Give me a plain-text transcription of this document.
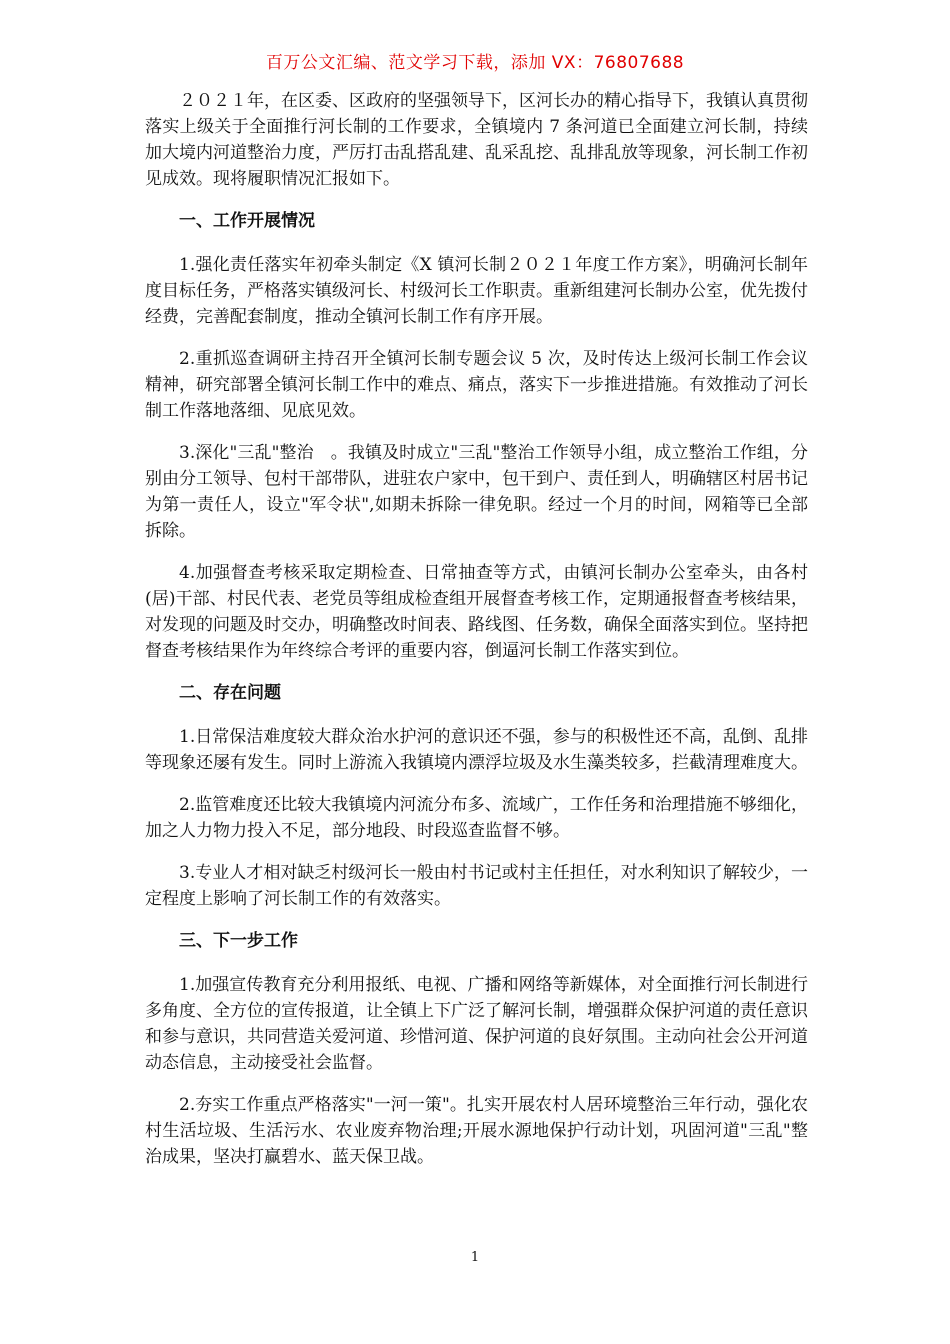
百万公文汇编、范文学习下载，添加 VX：76807688

２０２１年，在区委、区政府的坚强领导下，区河长办的精心指导下，我镇认真贯彻落实上级关于全面推行河长制的工作要求，全镇境内 7 条河道已全面建立河长制，持续加大境内河道整治力度，严厉打击乱搭乱建、乱采乱挖、乱排乱放等现象，河长制工作初见成效。现将履职情况汇报如下。

一、工作开展情况

1.强化责任落实年初牵头制定《X 镇河长制２０２１年度工作方案》，明确河长制年度目标任务，严格落实镇级河长、村级河长工作职责。重新组建河长制办公室，优先拨付经费，完善配套制度，推动全镇河长制工作有序开展。

2.重抓巡查调研主持召开全镇河长制专题会议 5 次，及时传达上级河长制工作会议精神，研究部署全镇河长制工作中的难点、痛点，落实下一步推进措施。有效推动了河长制工作落地落细、见底见效。

3.深化"三乱"整治　。我镇及时成立"三乱"整治工作领导小组，成立整治工作组，分别由分工领导、包村干部带队，进驻农户家中，包干到户、责任到人，明确辖区村居书记为第一责任人，设立"军令状",如期未拆除一律免职。经过一个月的时间，网箱等已全部拆除。

4.加强督查考核采取定期检查、日常抽查等方式，由镇河长制办公室牵头，由各村(居)干部、村民代表、老党员等组成检查组开展督查考核工作，定期通报督查考核结果，对发现的问题及时交办，明确整改时间表、路线图、任务数，确保全面落实到位。坚持把督查考核结果作为年终综合考评的重要内容，倒逼河长制工作落实到位。

二、存在问题

1.日常保洁难度较大群众治水护河的意识还不强，参与的积极性还不高，乱倒、乱排等现象还屡有发生。同时上游流入我镇境内漂浮垃圾及水生藻类较多，拦截清理难度大。

2.监管难度还比较大我镇境内河流分布多、流域广，工作任务和治理措施不够细化，加之人力物力投入不足，部分地段、时段巡查监督不够。

3.专业人才相对缺乏村级河长一般由村书记或村主任担任，对水利知识了解较少，一定程度上影响了河长制工作的有效落实。

三、下一步工作

1.加强宣传教育充分利用报纸、电视、广播和网络等新媒体，对全面推行河长制进行多角度、全方位的宣传报道，让全镇上下广泛了解河长制，增强群众保护河道的责任意识和参与意识，共同营造关爱河道、珍惜河道、保护河道的良好氛围。主动向社会公开河道动态信息，主动接受社会监督。

2.夯实工作重点严格落实"一河一策"。扎实开展农村人居环境整治三年行动，强化农村生活垃圾、生活污水、农业废弃物治理;开展水源地保护行动计划，巩固河道"三乱"整治成果，坚决打赢碧水、蓝天保卫战。

1
